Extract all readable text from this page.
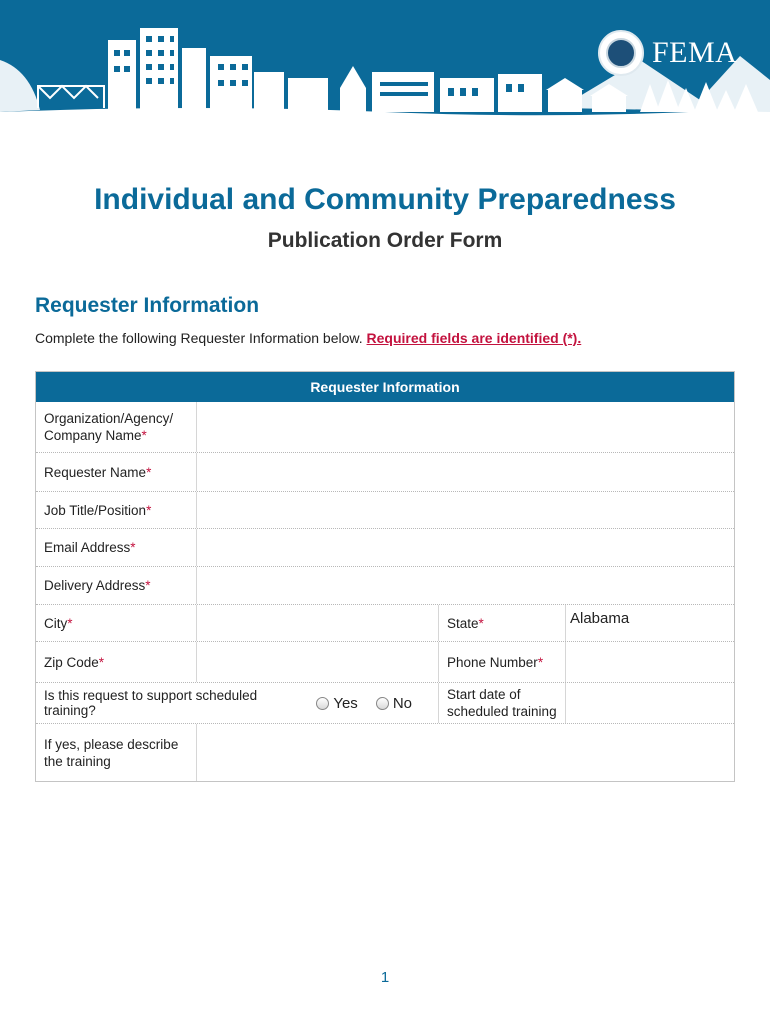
FEMA
Individual and Community Preparedness
Publication Order Form
Requester Information
Complete the following Requester Information below. Required fields are identified (*).
Requester Information
Organization/Agency/ Company Name*
Requester Name*
Job Title/Position*
Email Address*
Delivery Address*
City*	State*	Alabama
Zip Code*	Phone Number*
Is this request to support scheduled training?	Yes No	Start date of scheduled training
If yes, please describe the training
1
